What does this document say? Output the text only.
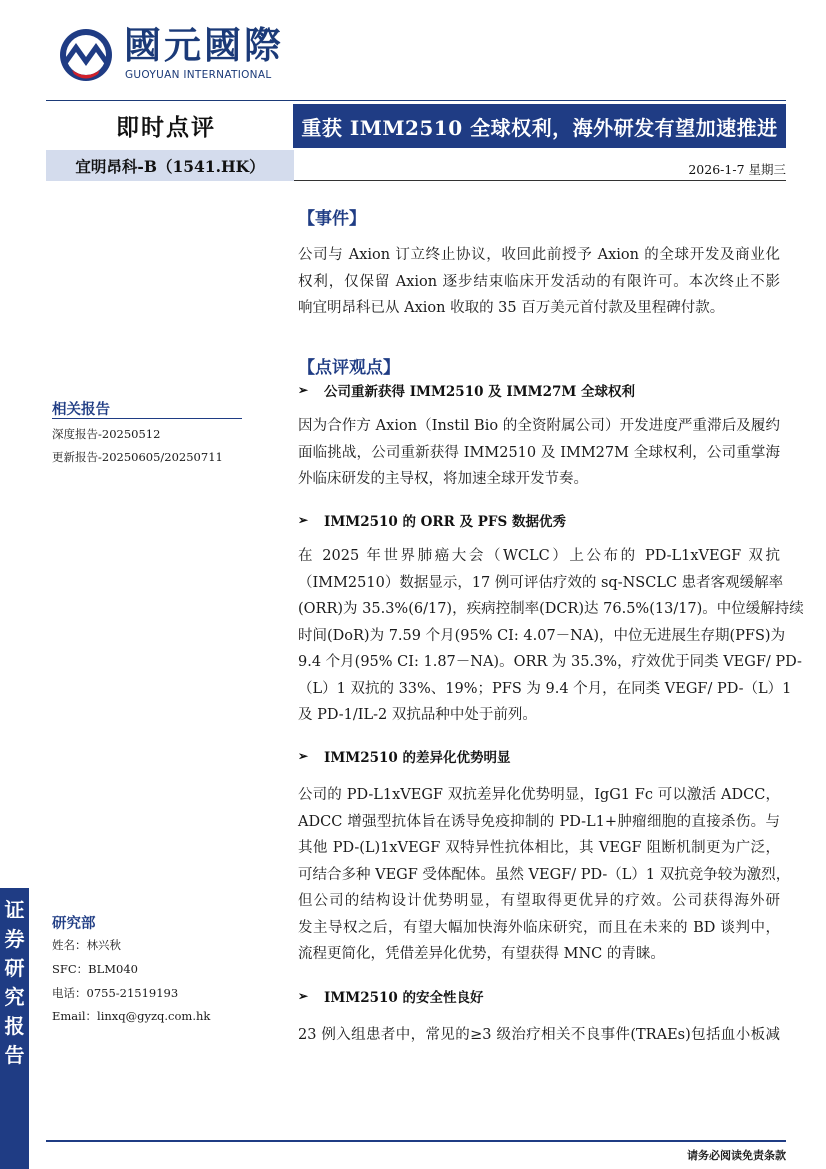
國元國際
GUOYUAN INTERNATIONAL
即时点评	重获 IMM2510 全球权利，海外研发有望加速推进
宜明昂科-B（1541.HK）	2026-1-7 星期三
相关报告
深度报告-20250512
更新报告-20250605/20250711
研究部
姓名：林兴秋
SFC：BLM040
电话：0755-21519193
Email：linxq@gyzq.com.hk
证
券
研
究
报
告
【事件】
公司与 Axion 订立终止协议，收回此前授予 Axion 的全球开发及商业化
权利，仅保留 Axion 逐步结束临床开发活动的有限许可。本次终止不影
响宜明昂科已从 Axion 收取的 35 百万美元首付款及里程碑付款。
【点评观点】
➢	公司重新获得 IMM2510 及 IMM27M 全球权利
因为合作方 Axion（Instil Bio 的全资附属公司）开发进度严重滞后及履约
面临挑战，公司重新获得 IMM2510 及 IMM27M 全球权利，公司重掌海
外临床研发的主导权，将加速全球开发节奏。
➢	IMM2510 的 ORR 及 PFS 数据优秀
在 2025 年世界肺癌大会（WCLC）上公布的 PD-L1xVEGF 双抗
（IMM2510）数据显示，17 例可评估疗效的 sq-NSCLC 患者客观缓解率
(ORR)为 35.3%(6/17)，疾病控制率(DCR)达 76.5%(13/17)。中位缓解持续
时间(DoR)为 7.59 个月(95% CI: 4.07－NA)，中位无进展生存期(PFS)为
9.4 个月(95% CI: 1.87－NA)。ORR 为 35.3%，疗效优于同类 VEGF/ PD-
（L）1 双抗的 33%、19%；PFS 为 9.4 个月，在同类 VEGF/ PD-（L）1
及 PD-1/IL-2 双抗品种中处于前列。
➢	IMM2510 的差异化优势明显
公司的 PD-L1xVEGF 双抗差异化优势明显，IgG1 Fc 可以激活 ADCC，
ADCC 增强型抗体旨在诱导免疫抑制的 PD-L1+肿瘤细胞的直接杀伤。与
其他 PD-(L)1xVEGF 双特异性抗体相比，其 VEGF 阻断机制更为广泛，
可结合多种 VEGF 受体配体。虽然 VEGF/ PD-（L）1 双抗竞争较为激烈，
但公司的结构设计优势明显，有望取得更优异的疗效。公司获得海外研
发主导权之后，有望大幅加快海外临床研究，而且在未来的 BD 谈判中，
流程更简化，凭借差异化优势，有望获得 MNC 的青睐。
➢	IMM2510 的安全性良好
23 例入组患者中，常见的≥3 级治疗相关不良事件(TRAEs)包括血小板减
请务必阅读免责条款
